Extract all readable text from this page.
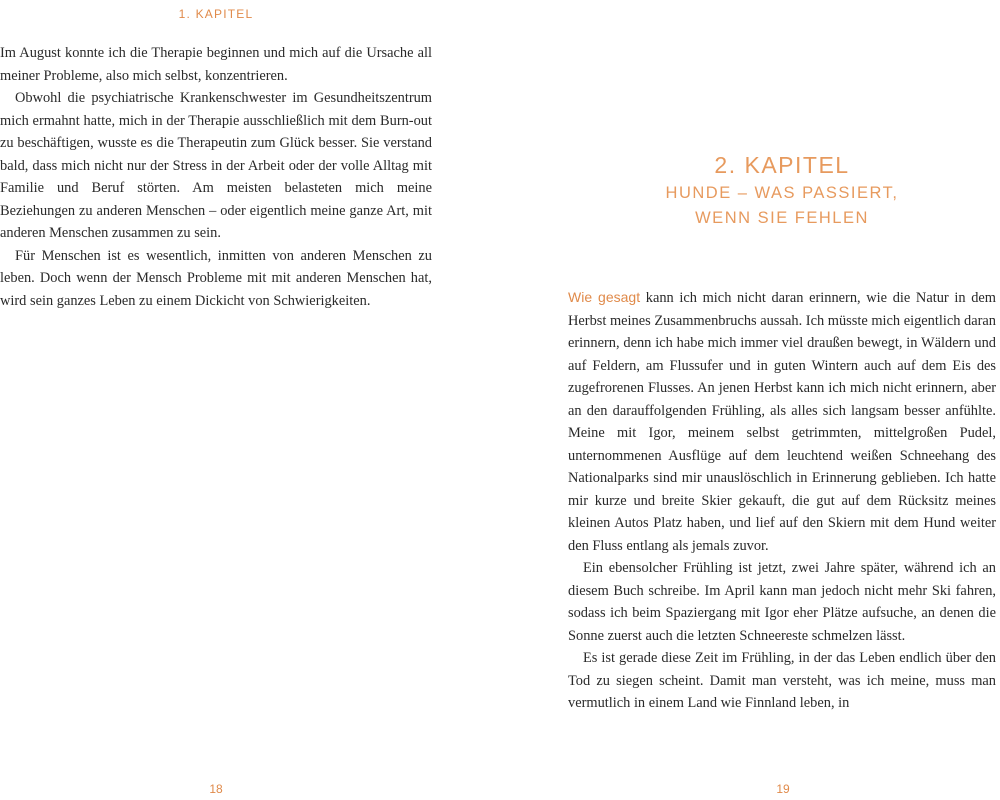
1. KAPITEL

Im August konnte ich die Therapie beginnen und mich auf die Ursache all meiner Probleme, also mich selbst, konzentrieren.

Obwohl die psychiatrische Krankenschwester im Gesundheitszentrum mich ermahnt hatte, mich in der Therapie ausschließlich mit dem Burn-out zu beschäftigen, wusste es die Therapeutin zum Glück besser. Sie verstand bald, dass mich nicht nur der Stress in der Arbeit oder der volle Alltag mit Familie und Beruf störten. Am meisten belasteten mich meine Beziehungen zu anderen Menschen – oder eigentlich meine ganze Art, mit anderen Menschen zusammen zu sein.

Für Menschen ist es wesentlich, inmitten von anderen Menschen zu leben. Doch wenn der Mensch Probleme mit mit anderen Menschen hat, wird sein ganzes Leben zu einem Dickicht von Schwierigkeiten.

18
2. KAPITEL
HUNDE – WAS PASSIERT,
WENN SIE FEHLEN

Wie gesagt kann ich mich nicht daran erinnern, wie die Natur in dem Herbst meines Zusammenbruchs aussah. Ich müsste mich eigentlich daran erinnern, denn ich habe mich immer viel draußen bewegt, in Wäldern und auf Feldern, am Flussufer und in guten Wintern auch auf dem Eis des zugefrorenen Flusses. An jenen Herbst kann ich mich nicht erinnern, aber an den darauffolgenden Frühling, als alles sich langsam besser anfühlte. Meine mit Igor, meinem selbst getrimmten, mittelgroßen Pudel, unternommenen Ausflüge auf dem leuchtend weißen Schneehang des Nationalparks sind mir unauslöschlich in Erinnerung geblieben. Ich hatte mir kurze und breite Skier gekauft, die gut auf dem Rücksitz meines kleinen Autos Platz haben, und lief auf den Skiern mit dem Hund weiter den Fluss entlang als jemals zuvor.

Ein ebensolcher Frühling ist jetzt, zwei Jahre später, während ich an diesem Buch schreibe. Im April kann man jedoch nicht mehr Ski fahren, sodass ich beim Spaziergang mit Igor eher Plätze aufsuche, an denen die Sonne zuerst auch die letzten Schneereste schmelzen lässt.

Es ist gerade diese Zeit im Frühling, in der das Leben endlich über den Tod zu siegen scheint. Damit man versteht, was ich meine, muss man vermutlich in einem Land wie Finnland leben, in

19
